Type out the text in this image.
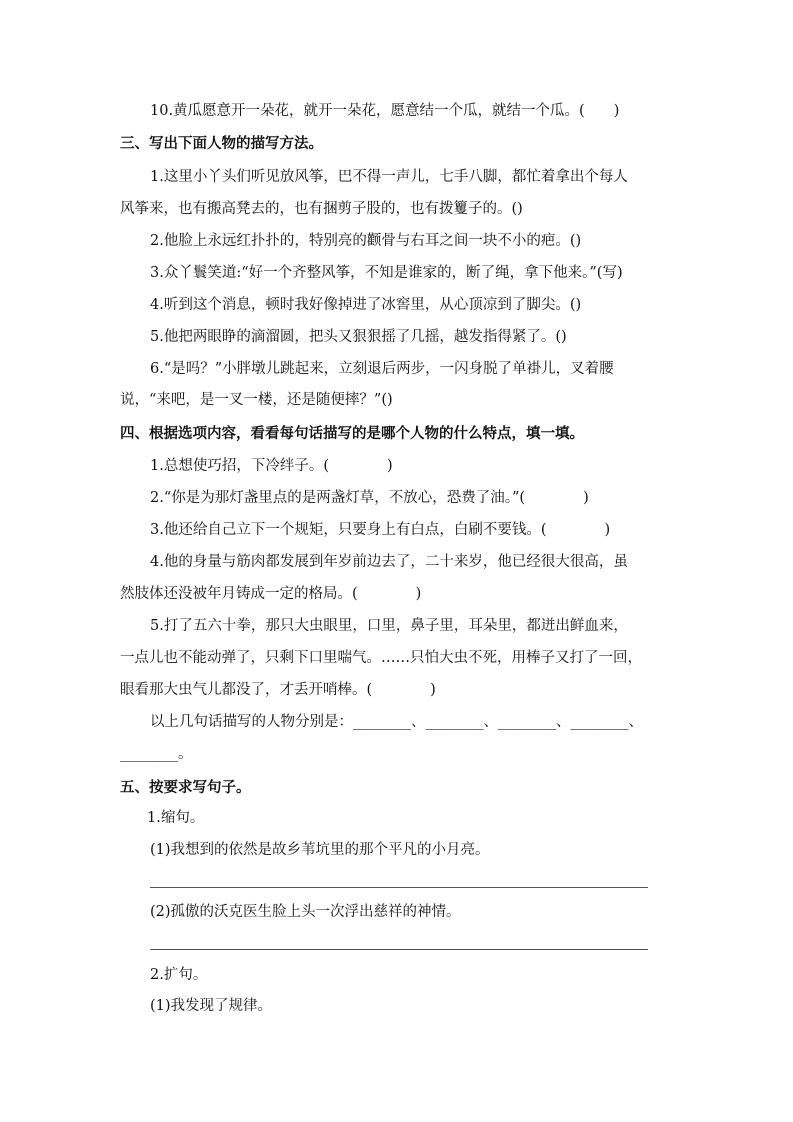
10.黄瓜愿意开一朵花，就开一朵花，愿意结一个瓜，就结一个瓜。(　　)
三、写出下面人物的描写方法。
1.这里小丫头们听见放风筝，巴不得一声儿，七手八脚，都忙着拿出个每人
风筝来，也有搬高凳去的，也有捆剪子股的，也有拨籰子的。()
2.他脸上永远红扑扑的，特别亮的颧骨与右耳之间一块不小的疤。()
3.众丫鬟笑道:“好一个齐整风筝，不知是谁家的，断了绳，拿下他来。”(写)
4.听到这个消息，顿时我好像掉进了冰窖里，从心顶凉到了脚尖。()
5.他把两眼睁的滴溜圆，把头又狠狠摇了几摇，越发指得紧了。()
6.“是吗？”小胖墩儿跳起来，立刻退后两步，一闪身脱了单褂儿，叉着腰
说，“来吧，是一叉一楼，还是随便摔？”()
四、根据选项内容，看看每句话描写的是哪个人物的什么特点，填一填。
1.总想使巧招，下冷绊子。(　　　　)
2.“你是为那灯盏里点的是两盏灯草，不放心，恐费了油。”(　　　　)
3.他还给自己立下一个规矩，只要身上有白点，白刷不要钱。(　　　　)
4.他的身量与筋肉都发展到年岁前边去了，二十来岁，他已经很大很高，虽
然肢体还没被年月铸成一定的格局。(　　　　)
5.打了五六十拳，那只大虫眼里，口里，鼻子里，耳朵里，都迸出鲜血来，
一点儿也不能动弹了，只剩下口里喘气。……只怕大虫不死，用棒子又打了一回，
眼看那大虫气儿都没了，才丢开哨棒。(　　　　)
以上几句话描写的人物分别是：________、________、________、________、
________。
五、按要求写句子。
1.缩句。
(1)我想到的依然是故乡苇坑里的那个平凡的小月亮。
(2)孤傲的沃克医生脸上头一次浮出慈祥的神情。
2.扩句。
(1)我发现了规律。
